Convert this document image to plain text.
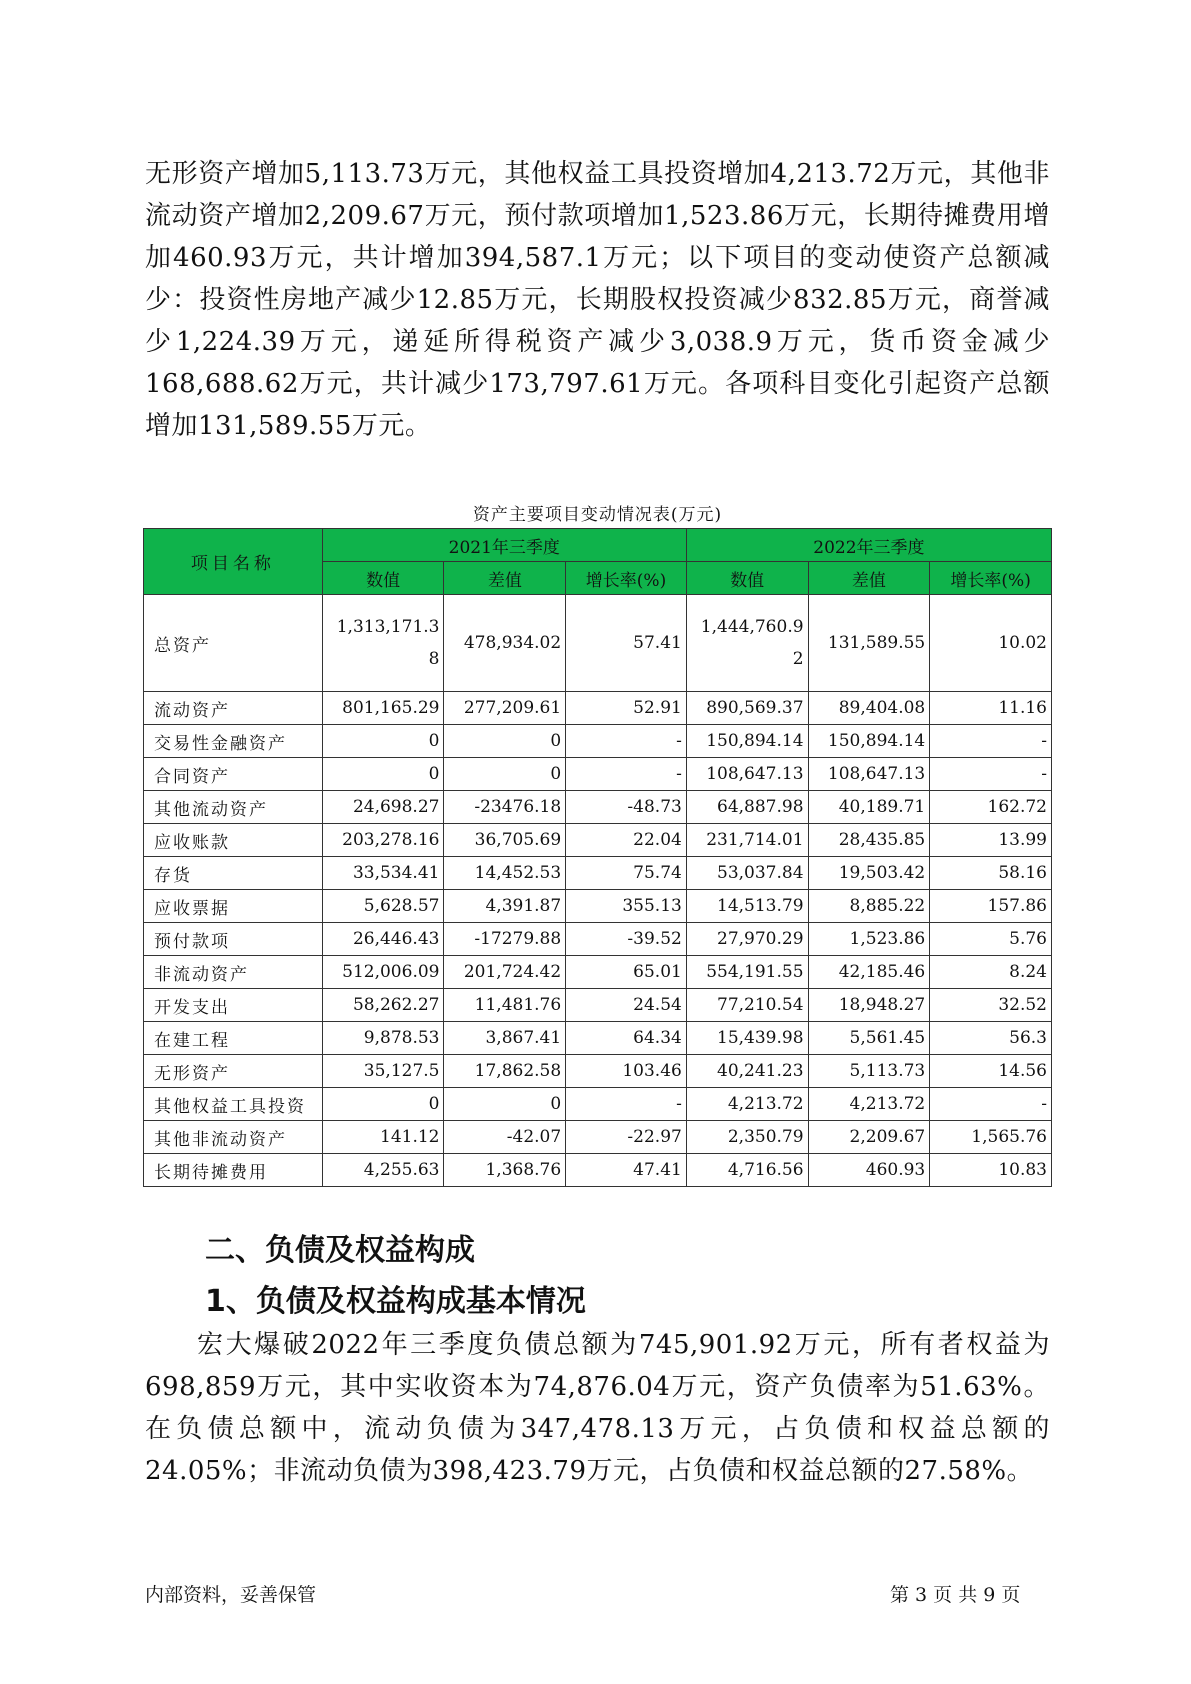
无形资产增加5,113.73万元，其他权益工具投资增加4,213.72万元，其他非流动资产增加2,209.67万元，预付款项增加1,523.86万元，长期待摊费用增加460.93万元，共计增加394,587.1万元；以下项目的变动使资产总额减少：投资性房地产减少12.85万元，长期股权投资减少832.85万元，商誉减少1,224.39万元，递延所得税资产减少3,038.9万元，货币资金减少168,688.62万元，共计减少173,797.61万元。各项科目变化引起资产总额增加131,589.55万元。

资产主要项目变动情况表(万元)
项目名称	2021年三季度			2022年三季度		
	数值	差值	增长率(%)	数值	差值	增长率(%)
总资产	1,313,171.38	478,934.02	57.41	1,444,760.92	131,589.55	10.02
流动资产	801,165.29	277,209.61	52.91	890,569.37	89,404.08	11.16
交易性金融资产	0	0	-	150,894.14	150,894.14	-
合同资产	0	0	-	108,647.13	108,647.13	-
其他流动资产	24,698.27	-23476.18	-48.73	64,887.98	40,189.71	162.72
应收账款	203,278.16	36,705.69	22.04	231,714.01	28,435.85	13.99
存货	33,534.41	14,452.53	75.74	53,037.84	19,503.42	58.16
应收票据	5,628.57	4,391.87	355.13	14,513.79	8,885.22	157.86
预付款项	26,446.43	-17279.88	-39.52	27,970.29	1,523.86	5.76
非流动资产	512,006.09	201,724.42	65.01	554,191.55	42,185.46	8.24
开发支出	58,262.27	11,481.76	24.54	77,210.54	18,948.27	32.52
在建工程	9,878.53	3,867.41	64.34	15,439.98	5,561.45	56.3
无形资产	35,127.5	17,862.58	103.46	40,241.23	5,113.73	14.56
其他权益工具投资	0	0	-	4,213.72	4,213.72	-
其他非流动资产	141.12	-42.07	-22.97	2,350.79	2,209.67	1,565.76
长期待摊费用	4,255.63	1,368.76	47.41	4,716.56	460.93	10.83
二、负债及权益构成
1、负债及权益构成基本情况

宏大爆破2022年三季度负债总额为745,901.92万元，所有者权益为698,859万元，其中实收资本为74,876.04万元，资产负债率为51.63%。在负债总额中，流动负债为347,478.13万元，占负债和权益总额的24.05%；非流动负债为398,423.79万元，占负债和权益总额的27.58%。

内部资料，妥善保管	第 3 页 共 9 页
